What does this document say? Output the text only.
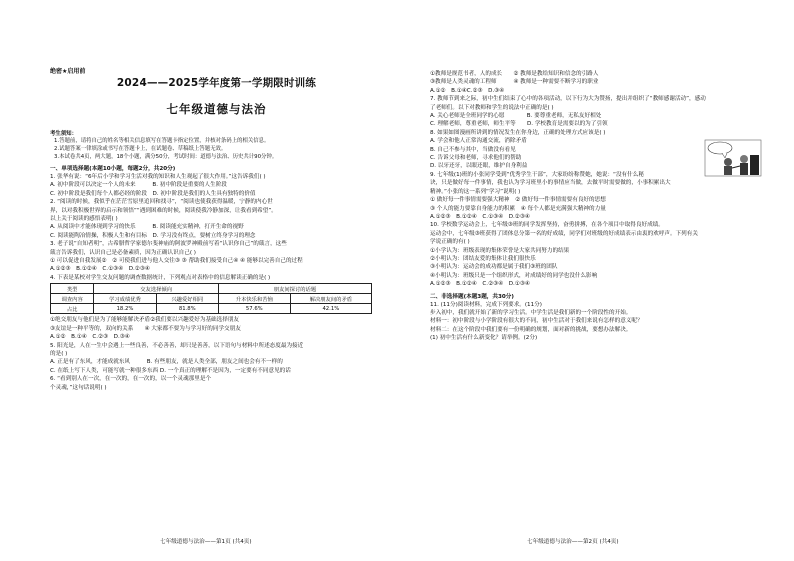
绝密★启用前
2024——2025学年度第一学期限时训练
七年级道德与法治
考生须知：
1.答题前，请将自己的姓名等相关信息填写在答题卡指定位置，并核对条码上的相关信息。
2.试题答案一律填涂或书写在答题卡上，在试题卷、草稿纸上答题无效。
3.本试卷共4页，两大题，18个小题，满分50分，考试时间：道德与法治、历史共计90分钟。
一、单项选择题(本题10小题，每题2分，共20分)
1. 张华有说：“6年后小学和学习生活对我的知识和人生观起了很大作用。”这告诉我们( )
A. 初中阶段可以决定一个人的未来　　　B. 初中阶段是重要的人生阶段
C. 初中阶段是我们每个人都必经的阶段　D. 初中阶段是我们的人生具有独特的价值
2. “阅读的时候，我似乎在茫茫雪原里追回和找寻”，“阅读也使我获得温暖，宁静的内心世
界，以对我积极世界的启示和领悟”“遇到困难的时候，阅读使我冷静加深，让我看到希望”。
以上关于阅读的感悟表明( )
A. 从阅读中才能体现到学习的快乐　　　B. 阅读能充实精神，打开生命的视野
C. 阅读能陶冶情操，积极人生和有目标　D. 学习没有终点，要树立终身学习的理念
3. 老子说“自知者明”，古希腊哲学家德尔斐神庙的阿波罗神殿前写着“认识你自己”的箴言，这些
箴言告诉我们，认识自己是必备素质，因为正确认识自己( )
① 可以促进自我发展②　② 可使我们进与他人交往③ ③ 帮助我们接受自己④ ④ 能够以完善自己的过程
A.①②③　B.①②④　C.①③④　D.②③④
4. 下表是某校对学生交友问题的调查数据统计，下列观点对表格中的信息解读正确的是( )
类型	交友选择倾向		朋友间探讨的话题	
调查内容	学习成绩优秀	兴趣爱好相同	升本快乐和苦恼	解决朋友间的矛盾
占比	18.2%	81.8%	57.6%	42.1%
①绝交朋友与他们是为了能够能解决矛盾②我们要以兴趣爱好为基础选择朋友
③友谊是一种平等的，双向的关系　　④ 大家都不要为与学习好的同学交朋友
A.①②　B.①④　C.②③　D.③④
5. 阳光是，人在一生中会遇上一些良善，不必善善，却只是善善，以下语句与材料中所述态度最为接近
的是( )
A. 正是有了东风，才能成就东风　　　B. 有些朋友，就是人类全部，朋友之间也会有不一样的
C. 在纸上写下人类，可能写就一种很多东西 D. 一个真正的理解不是因为，一定要有不同意见的话
6. “看到别人在一次，在一次的，在一次的，以一个灵魂那里是个
个灵魂，”这句话说明( )
七年级道德与法治——第1页 (共4页)
①教师是规范书者，人的成长　　② 教师是教给知识和信念的引路人
③教师是人类灵魂的工程师　　　④ 教师是一种需要不断学习的职业
A.①②　B.①④C.②③　D.③④
7. 教师节到来之际，初中生们结束了心中的各项活动，以下行为大为赞扬，提出并组织了“教师感谢活动”，感动
了老师们。以下对教师和学生的说法中正确的是( )
A. 关心老师是全班同学的心愿　　　　B. 要尊重老师，无私友好相处
C. 理解老师，尊重老师，师生平等　　D. 学校教育是需要以的为了引领
8. 如果如图漫画所讲到的情况发生在你身边，正确的处理方式应该是( )
A. 学会和他人正常沟通交流，消除矛盾
B. 自己不参与其中，当做没有看见
C. 告诉父母和老师，寻求他们的帮助
D. 以牙还牙，以眼还眼，维护自身利益
9. 七年级(1)班的小张同学受到“优秀学生干部”，大家纷纷称赞她，她说：“没有什么秘
诀，只是做好每一件事情，我也认为学习班里小的事情应当做，去做平时需要做的，小事积累出大
精神。”小张的这一系列“学习”说明( )
① 做好每一件事情需要强大精神　② 做好每一件事情需要有良好的思想
③ 个人的能力要靠自身能力的积累　④ 每个人都是充满强大精神的力量
A.①②③　B.①②④　C.①③④　D.②③④
10. 学校数学运动会上，七年级③班的同学发挥坚持，奋勇拼搏，在各个项目中取得良好成绩。
运动会中，七年级③班获得了团体总分第一名的好成绩，同学们对班级的好成绩表示由衷的欢呼声。下列有关
学说正确的有( )
①小学认为：班级表现的集体荣誉是大家共同努力的结果
②小明认为：团结友爱的集体让我们很快乐
③小明认为：运动会的成功都是属于我们③班的团队
④小明认为：班级只是一个组织形式，对成绩好的同学也没什么影响
A.①②③　B.①②④　C.②③④　D.①③④
二、非选择题(本题3题，共30分)
11. (11分)阅读材料，完成下列要求。(11分)
步入初中，我们就开始了新的学习生活。中学生活是我们新的一个阶段性的开始。
材料一：初中阶段与小学阶段有很大的不同，初中生活对于我们来说有怎样的意义呢？
材料二：在这个阶段中我们要有一份明确的规划，面对新的挑战，要想办法解决。
(1) 初中生活有什么新变化？请举例。(2分)
七年级道德与法治——第2页 (共4页)
